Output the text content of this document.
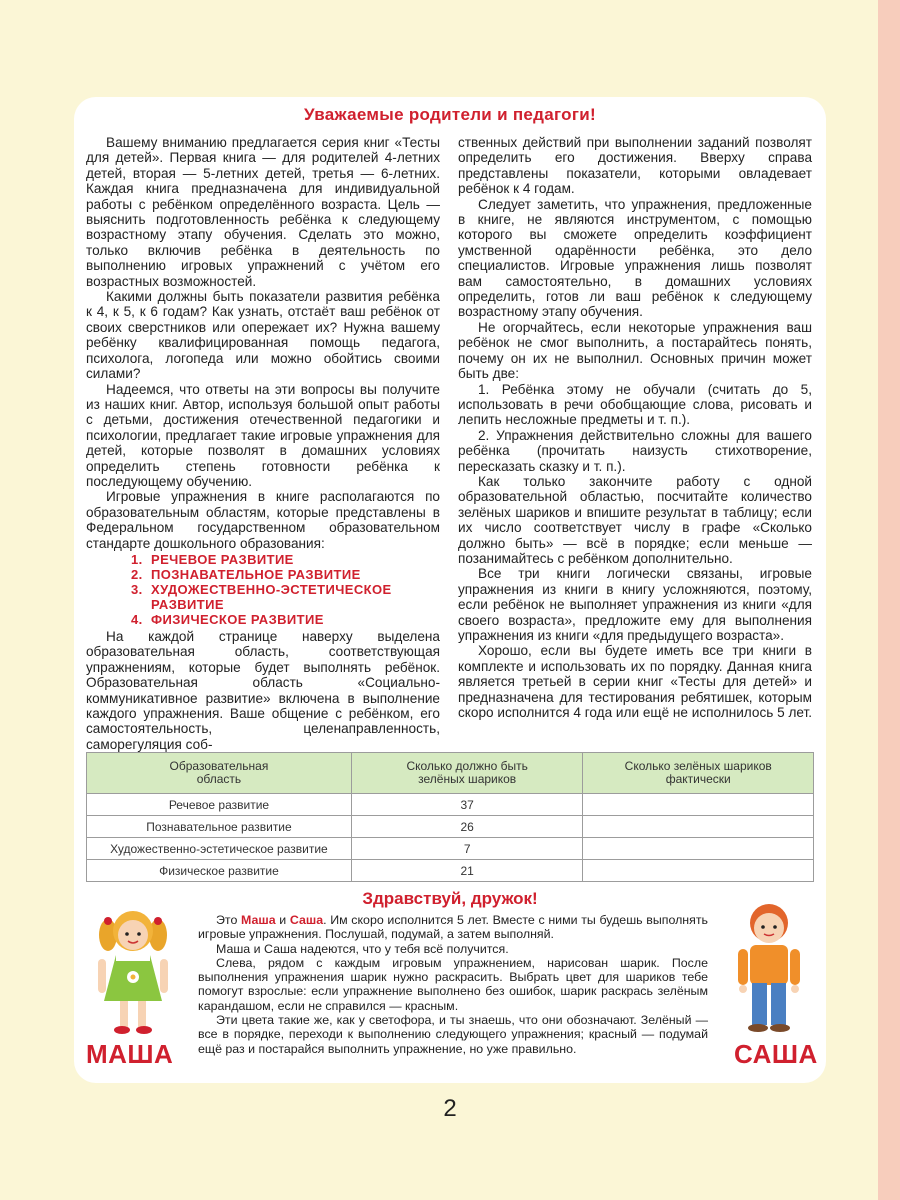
Уважаемые родители и педагоги!

Вашему вниманию предлагается серия книг «Тесты для детей». Первая книга — для родителей 4-летних детей, вторая — 5-летних детей, третья — 6-летних. Каждая книга предназначена для индивидуальной работы с ребёнком определённого возраста. Цель — выяснить подготовленность ребёнка к следующему возрастному этапу обучения. Сделать это можно, только включив ребёнка в деятельность по выполнению игровых упражнений с учётом его возрастных возможностей.

Какими должны быть показатели развития ребёнка к 4, к 5, к 6 годам? Как узнать, отстаёт ваш ребёнок от своих сверстников или опережает их? Нужна вашему ребёнку квалифицированная помощь педагога, психолога, логопеда или можно обойтись своими силами?

Надеемся, что ответы на эти вопросы вы получите из наших книг. Автор, используя большой опыт работы с детьми, достижения отечественной педагогики и психологии, предлагает такие игровые упражнения для детей, которые позволят в домашних условиях определить степень готовности ребёнка к последующему обучению.

Игровые упражнения в книге располагаются по образовательным областям, которые представлены в Федеральном государственном образовательном стандарте дошкольного образования:

1. РЕЧЕВОЕ РАЗВИТИЕ
2. ПОЗНАВАТЕЛЬНОЕ РАЗВИТИЕ
3. ХУДОЖЕСТВЕННО-ЭСТЕТИЧЕСКОЕ РАЗВИТИЕ
4. ФИЗИЧЕСКОЕ РАЗВИТИЕ

На каждой странице наверху выделена образовательная область, соответствующая упражнениям, которые будет выполнять ребёнок. Образовательная область «Социально-коммуникативное развитие» включена в выполнение каждого упражнения. Ваше общение с ребёнком, его самостоятельность, целенаправленность, саморегуляция соб-

ственных действий при выполнении заданий позволят определить его достижения. Вверху справа представлены показатели, которыми овладевает ребёнок к 4 годам.

Следует заметить, что упражнения, предложенные в книге, не являются инструментом, с помощью которого вы сможете определить коэффициент умственной одарённости ребёнка, это дело специалистов. Игровые упражнения лишь позволят вам самостоятельно, в домашних условиях определить, готов ли ваш ребёнок к следующему возрастному этапу обучения.

Не огорчайтесь, если некоторые упражнения ваш ребёнок не смог выполнить, а постарайтесь понять, почему он их не выполнил. Основных причин может быть две:

1. Ребёнка этому не обучали (считать до 5, использовать в речи обобщающие слова, рисовать и лепить несложные предметы и т. п.).

2. Упражнения действительно сложны для вашего ребёнка (прочитать наизусть стихотворение, пересказать сказку и т. п.).

Как только закончите работу с одной образовательной областью, посчитайте количество зелёных шариков и впишите результат в таблицу; если их число соответствует числу в графе «Сколько должно быть» — всё в порядке; если меньше — позанимайтесь с ребёнком дополнительно.

Все три книги логически связаны, игровые упражнения из книги в книгу усложняются, поэтому, если ребёнок не выполняет упражнения из книги «для своего возраста», предложите ему для выполнения упражнения из книги «для предыдущего возраста».

Хорошо, если вы будете иметь все три книги в комплекте и использовать их по порядку. Данная книга является третьей в серии книг «Тесты для детей» и предназначена для тестирования ребятишек, которым скоро исполнится 4 года или ещё не исполнилось 5 лет.

Образовательная область	Сколько должно быть зелёных шариков	Сколько зелёных шариков фактически
Речевое развитие	37	
Познавательное развитие	26	
Художественно-эстетическое развитие	7	
Физическое развитие	21	
Здравствуй, дружок!

Это Маша и Саша. Им скоро исполнится 5 лет. Вместе с ними ты будешь выполнять игровые упражнения. Послушай, подумай, а затем выполняй.

Маша и Саша надеются, что у тебя всё получится.

Слева, рядом с каждым игровым упражнением, нарисован шарик. После выполнения упражнения шарик нужно раскрасить. Выбрать цвет для шариков тебе помогут взрослые: если упражнение выполнено без ошибок, шарик раскрась зелёным карандашом, если не справился — красным.

Эти цвета такие же, как у светофора, и ты знаешь, что они обозначают. Зелёный — все в порядке, переходи к выполнению следующего упражнения; красный — подумай ещё раз и постарайся выполнить упражнение, но уже правильно.

МАША	САША
2
